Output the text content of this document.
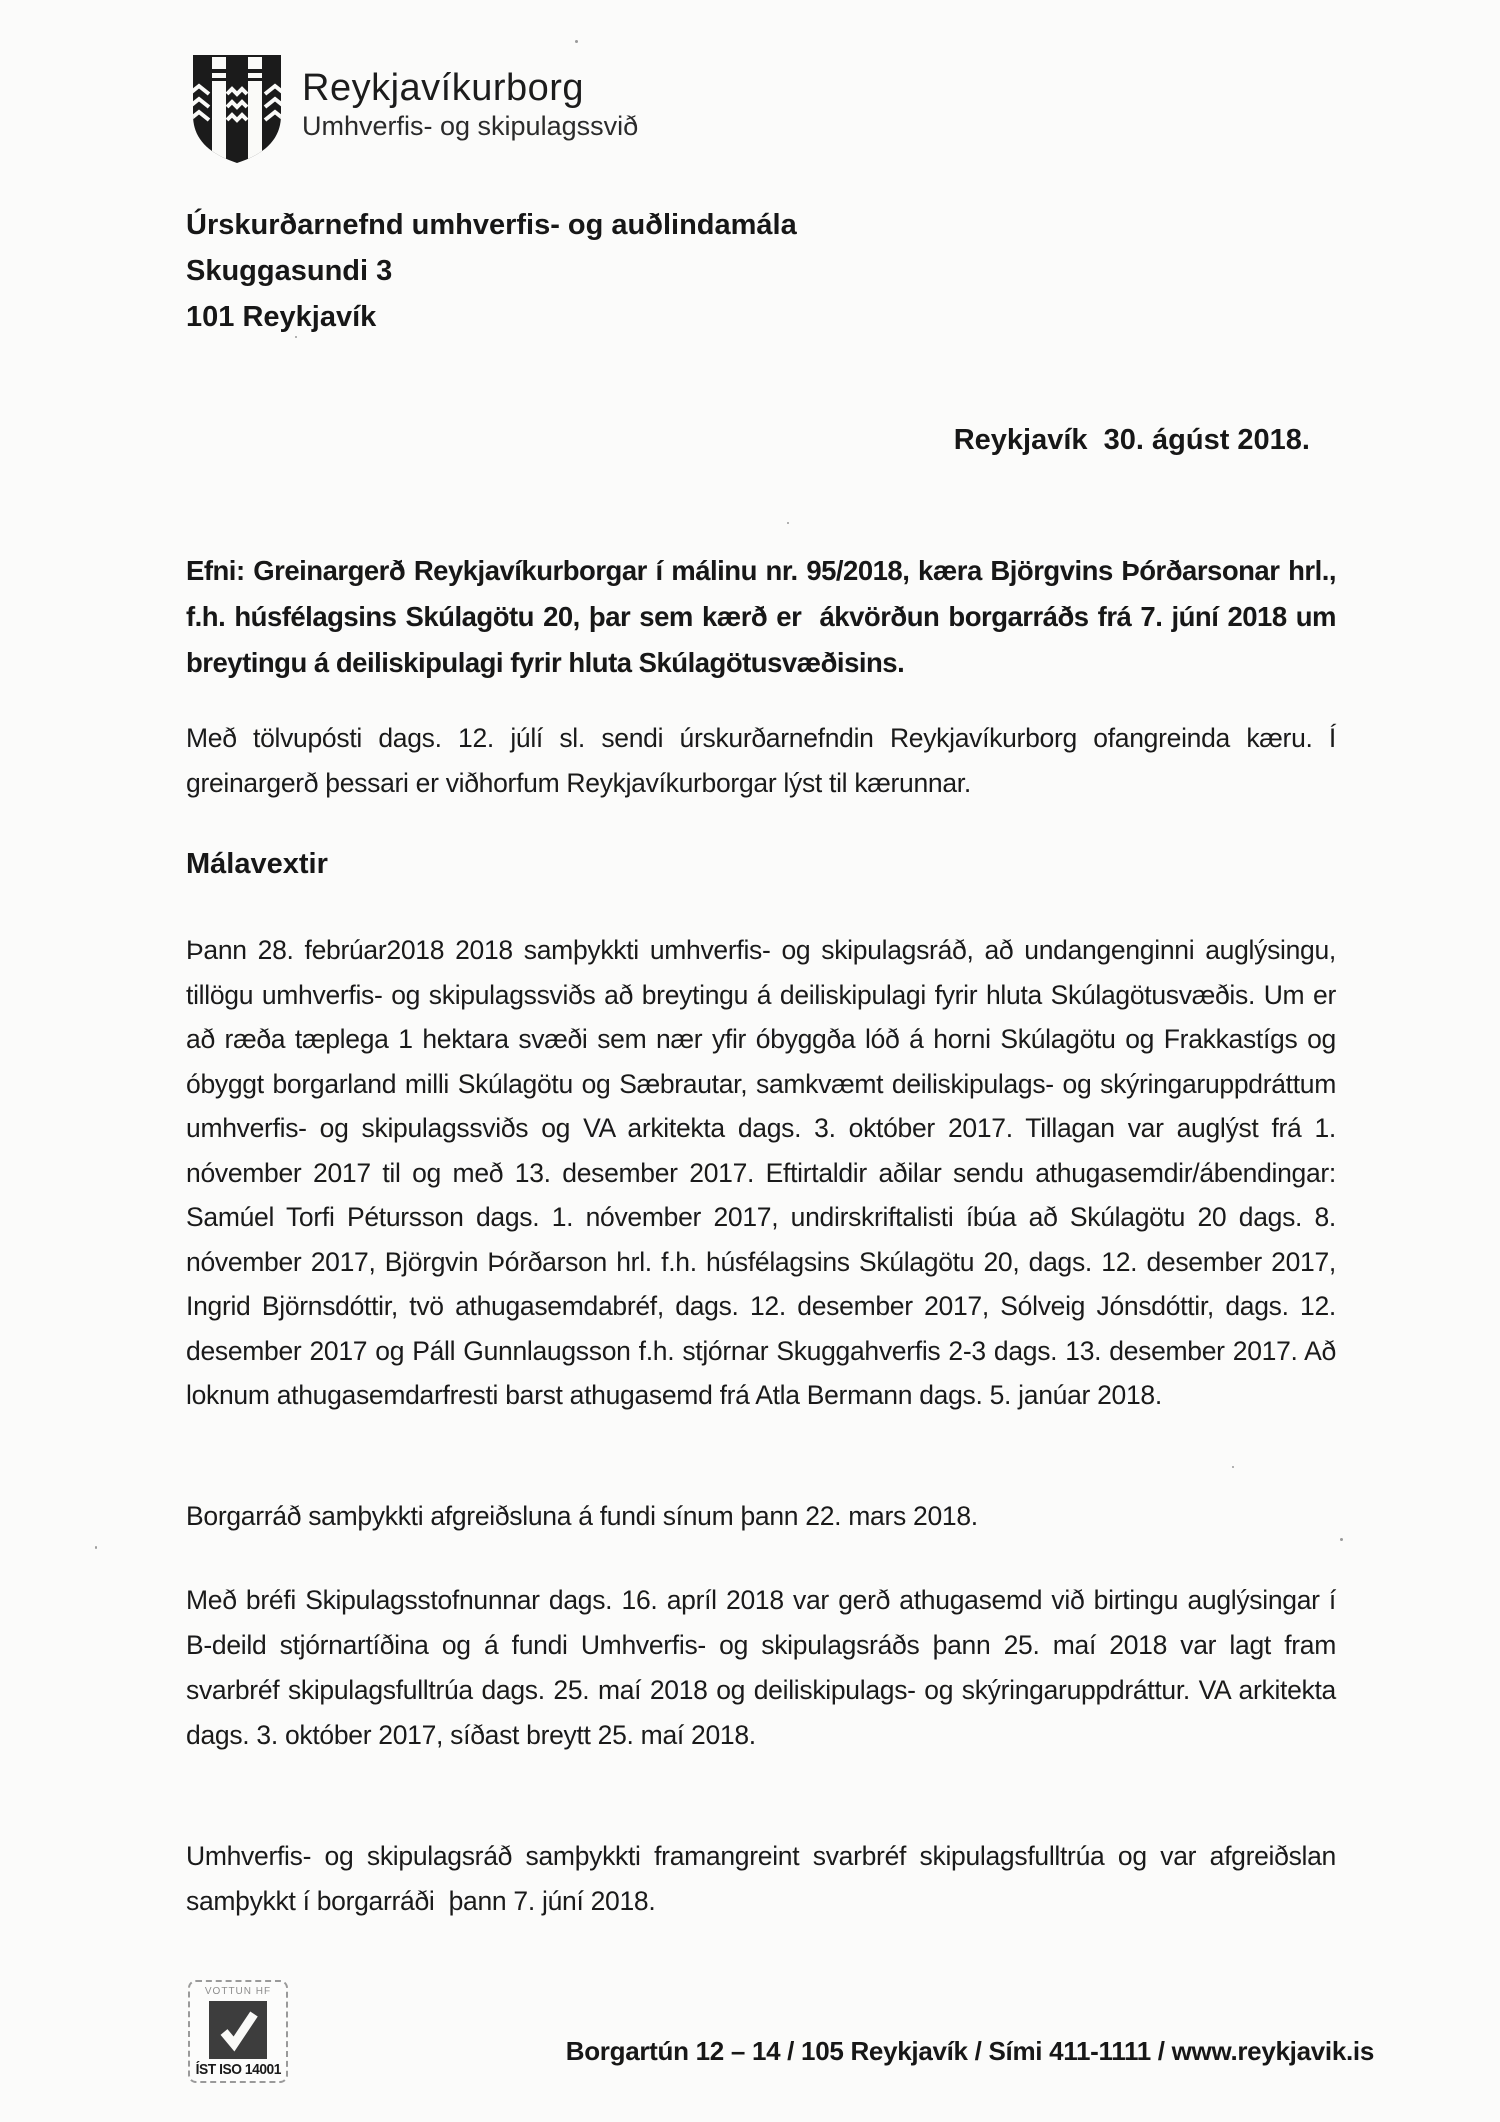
Reykjavíkurborg
Umhverfis- og skipulagssvið
Úrskurðarnefnd umhverfis- og auðlindamála
Skuggasundi 3
101 Reykjavík
Reykjavík  30. ágúst 2018.
Efni: Greinargerð Reykjavíkurborgar í málinu nr. 95/2018, kæra Björgvins Þórðarsonar hrl., f.h. húsfélagsins Skúlagötu 20, þar sem kærð er  ákvörðun borgarráðs frá 7. júní 2018 um breytingu á deiliskipulagi fyrir hluta Skúlagötusvæðisins.
Með tölvupósti dags. 12. júlí sl. sendi úrskurðarnefndin Reykjavíkurborg ofangreinda kæru. Í greinargerð þessari er viðhorfum Reykjavíkurborgar lýst til kærunnar.
Málavextir
Þann 28. febrúar2018 2018 samþykkti umhverfis- og skipulagsráð, að undangenginni auglýsingu,  tillögu umhverfis- og skipulagssviðs að breytingu á deiliskipulagi fyrir hluta Skúlagötusvæðis. Um er að ræða tæplega 1 hektara svæði sem nær yfir óbyggða lóð á horni Skúlagötu og Frakkastígs og óbyggt borgarland milli Skúlagötu og Sæbrautar, samkvæmt deiliskipulags- og skýringaruppdráttum umhverfis- og skipulagssviðs og VA arkitekta dags. 3. október 2017. Tillagan var auglýst frá 1. nóvember 2017 til og með 13. desember 2017. Eftirtaldir aðilar sendu athugasemdir/ábendingar: Samúel Torfi Pétursson dags. 1. nóvember 2017, undirskriftalisti íbúa að Skúlagötu 20 dags. 8. nóvember 2017, Björgvin Þórðarson hrl. f.h. húsfélagsins Skúlagötu 20, dags. 12. desember 2017, Ingrid Björnsdóttir, tvö athugasemdabréf, dags. 12. desember 2017, Sólveig Jónsdóttir, dags. 12. desember 2017 og Páll Gunnlaugsson f.h. stjórnar Skuggahverfis 2-3 dags. 13. desember 2017. Að loknum athugasemdarfresti barst athugasemd frá Atla Bermann dags. 5. janúar 2018.
Borgarráð samþykkti afgreiðsluna á fundi sínum þann 22. mars 2018.
Með bréfi Skipulagsstofnunnar dags. 16. apríl 2018 var gerð athugasemd við birtingu auglýsingar í B-deild stjórnartíðina og á fundi Umhverfis- og skipulagsráðs þann 25. maí 2018 var lagt fram svarbréf skipulagsfulltrúa dags. 25. maí 2018 og deiliskipulags- og skýringaruppdráttur. VA arkitekta dags. 3. október 2017, síðast breytt 25. maí 2018.
Umhverfis- og skipulagsráð samþykkti framangreint svarbréf skipulagsfulltrúa og var afgreiðslan samþykkt í borgarráði  þann 7. júní 2018.
VOTTUN HF
ÍST ISO 14001
Borgartún 12 – 14 / 105 Reykjavík / Sími 411-1111 / www.reykjavik.is
